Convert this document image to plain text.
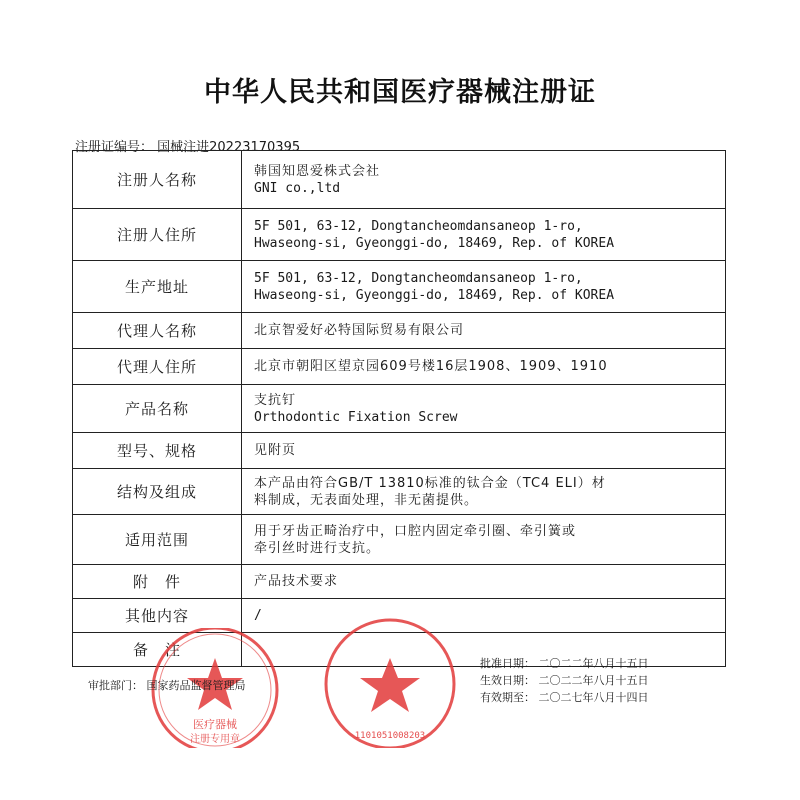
中华人民共和国医疗器械注册证
注册证编号： 国械注进20223170395
注册人名称	韩国知恩爱株式会社
GNI co.,ltd

注册人住所	5F 501, 63-12, Dongtancheomdansaneop 1-ro,
Hwaseong-si, Gyeonggi-do, 18469, Rep. of KOREA

生产地址	5F 501, 63-12, Dongtancheomdansaneop 1-ro,
Hwaseong-si, Gyeonggi-do, 18469, Rep. of KOREA

代理人名称	北京智爱好必特国际贸易有限公司

代理人住所	北京市朝阳区望京园609号楼16层1908、1909、1910

产品名称	支抗钉
Orthodontic Fixation Screw

型号、规格	见附页

结构及组成	本产品由符合GB/T 13810标准的钛合金（TC4 ELI）材
料制成，无表面处理，非无菌提供。

适用范围	用于牙齿正畸治疗中，口腔内固定牵引圈、牵引簧或
牵引丝时进行支抗。

附　件	产品技术要求

其他内容	/

备　注	
医疗器械
注册专用章	1101051008203
审批部门： 国家药品监督管理局
批准日期： 二〇二二年八月十五日
生效日期： 二〇二二年八月十五日
有效期至： 二〇二七年八月十四日
